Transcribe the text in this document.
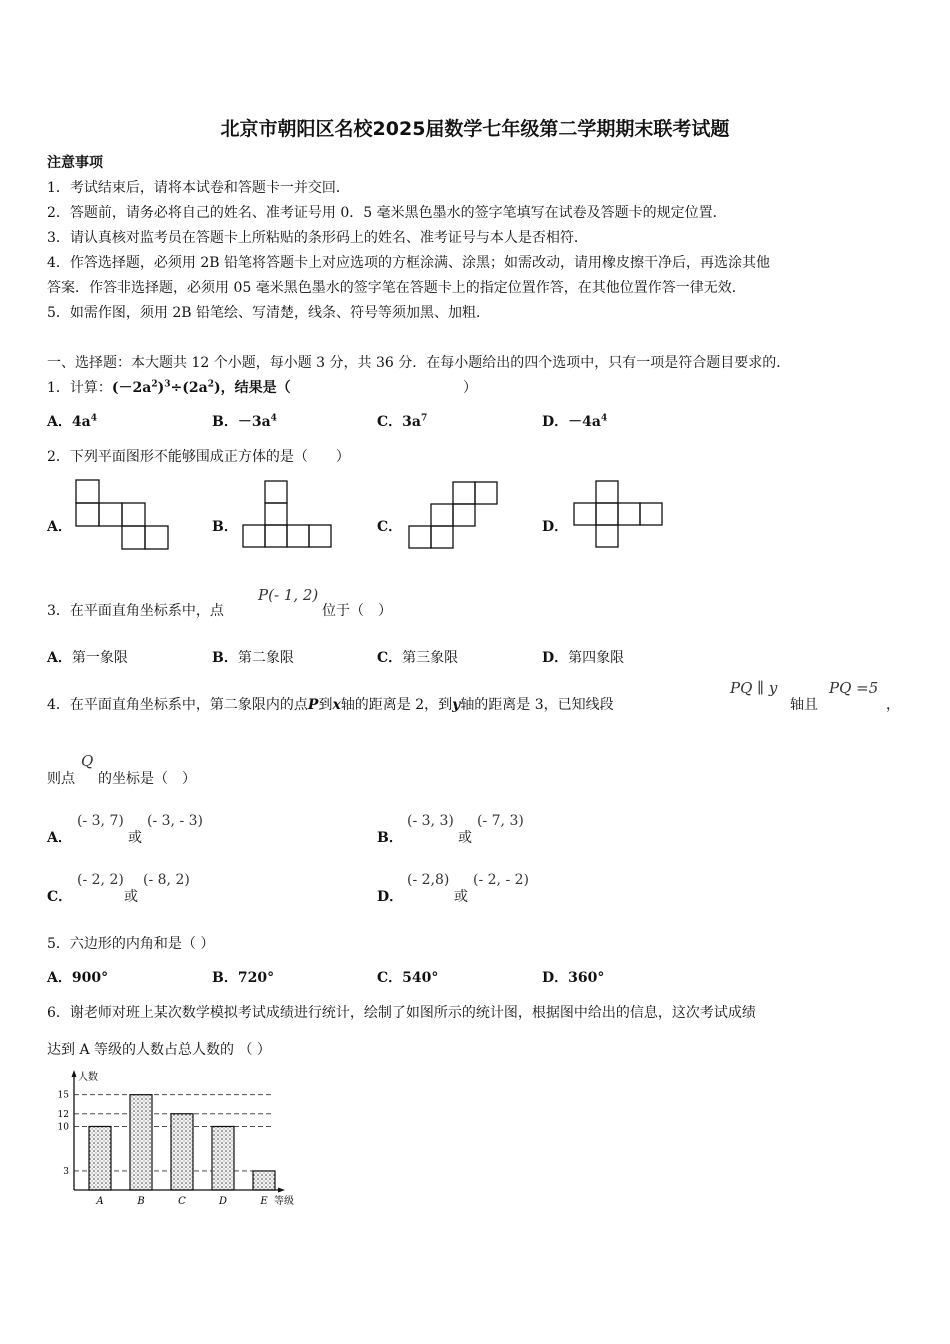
北京市朝阳区名校2025届数学七年级第二学期期末联考试题
注意事项
1．考试结束后，请将本试卷和答题卡一并交回．
2．答题前，请务必将自己的姓名、准考证号用 0．5 毫米黑色墨水的签字笔填写在试卷及答题卡的规定位置．
3．请认真核对监考员在答题卡上所粘贴的条形码上的姓名、准考证号与本人是否相符．
4．作答选择题，必须用 2B 铅笔将答题卡上对应选项的方框涂满、涂黑；如需改动，请用橡皮擦干净后，再选涂其他
答案．作答非选择题，必须用 05 毫米黑色墨水的签字笔在答题卡上的指定位置作答，在其他位置作答一律无效．
5．如需作图，须用 2B 铅笔绘、写清楚，线条、符号等须加黑、加粗．
一、选择题：本大题共 12 个小题，每小题 3 分，共 36 分．在每小题给出的四个选项中，只有一项是符合题目要求的．
1．计算：$(-2a^2)^3\div(2a^2)$，结果是（	）
A．$4a^4$	B．$-3a^4$	C．$3a^7$	D．$-4a^4$
2．下列平面图形不能够围成正方体的是（　　）
A．	B．	C．	D．
3．在平面直角坐标系中，点
P(- 1, 2)
位于（　）
A．第一象限	B．第二象限	C．第三象限	D．第四象限
4．在平面直角坐标系中，第二象限内的点P到x轴的距离是 2，到y轴的距离是 3，已知线段
PQ ∥ y
轴且
PQ =5
，
则点
Q
的坐标是（　）
A．
(- 3, 7)
或
(- 3, - 3)
B．
(- 3, 3)
或
(- 7, 3)
C．
(- 2, 2)
或
(- 8, 2)
D．
(- 2,8)
或
(- 2, - 2)
5．六边形的内角和是（ ）
A．900°	B．720°	C．540°	D．360°
6．谢老师对班上某次数学模拟考试成绩进行统计，绘制了如图所示的统计图，根据图中给出的信息，这次考试成绩
达到 A 等级的人数占总人数的 （ ）
人数
等级
3
10
12
15
A	B	C	D	E
